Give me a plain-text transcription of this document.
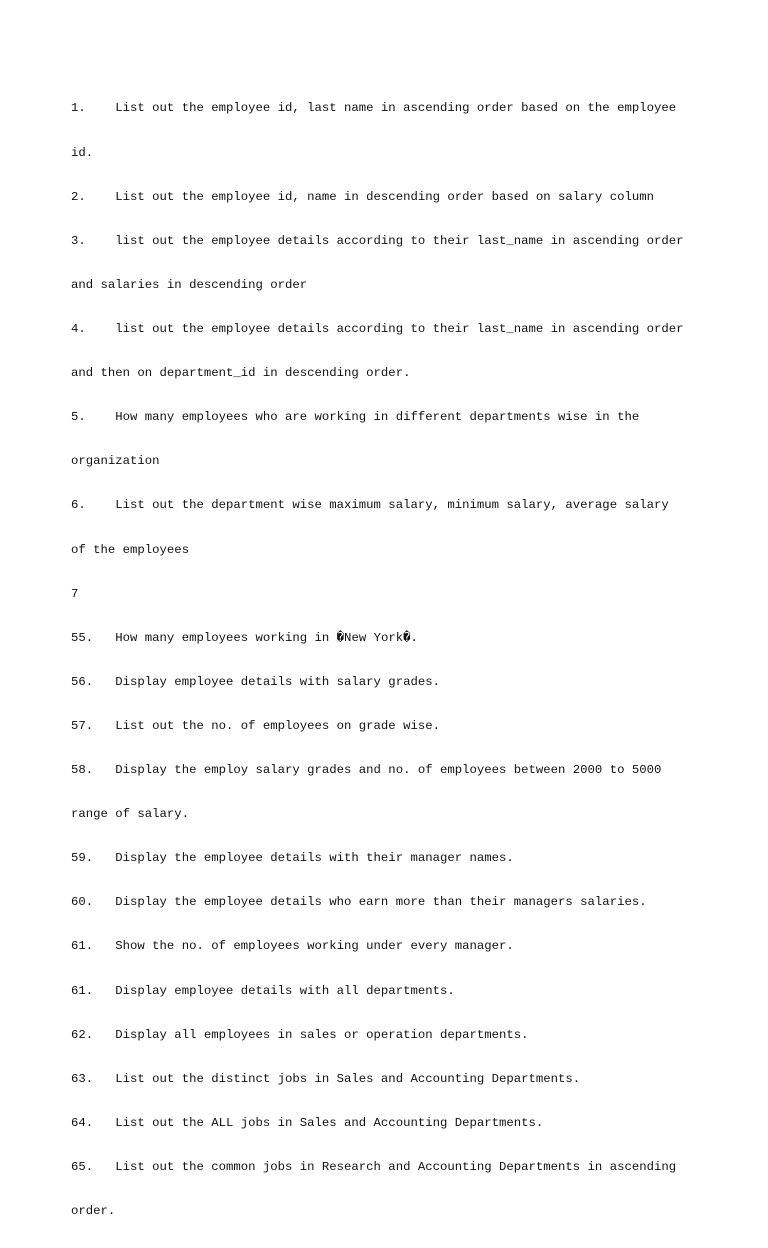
1.    List out the employee id, last name in ascending order based on the employee

id.

2.    List out the employee id, name in descending order based on salary column

3.    list out the employee details according to their last_name in ascending order

and salaries in descending order

4.    list out the employee details according to their last_name in ascending order

and then on department_id in descending order.

5.    How many employees who are working in different departments wise in the

organization

6.    List out the department wise maximum salary, minimum salary, average salary

of the employees

7

55.   How many employees working in �New York�.

56.   Display employee details with salary grades.

57.   List out the no. of employees on grade wise.

58.   Display the employ salary grades and no. of employees between 2000 to 5000

range of salary.

59.   Display the employee details with their manager names.

60.   Display the employee details who earn more than their managers salaries.

61.   Show the no. of employees working under every manager.

61.   Display employee details with all departments.

62.   Display all employees in sales or operation departments.

63.   List out the distinct jobs in Sales and Accounting Departments.

64.   List out the ALL jobs in Sales and Accounting Departments.

65.   List out the common jobs in Research and Accounting Departments in ascending

order.
